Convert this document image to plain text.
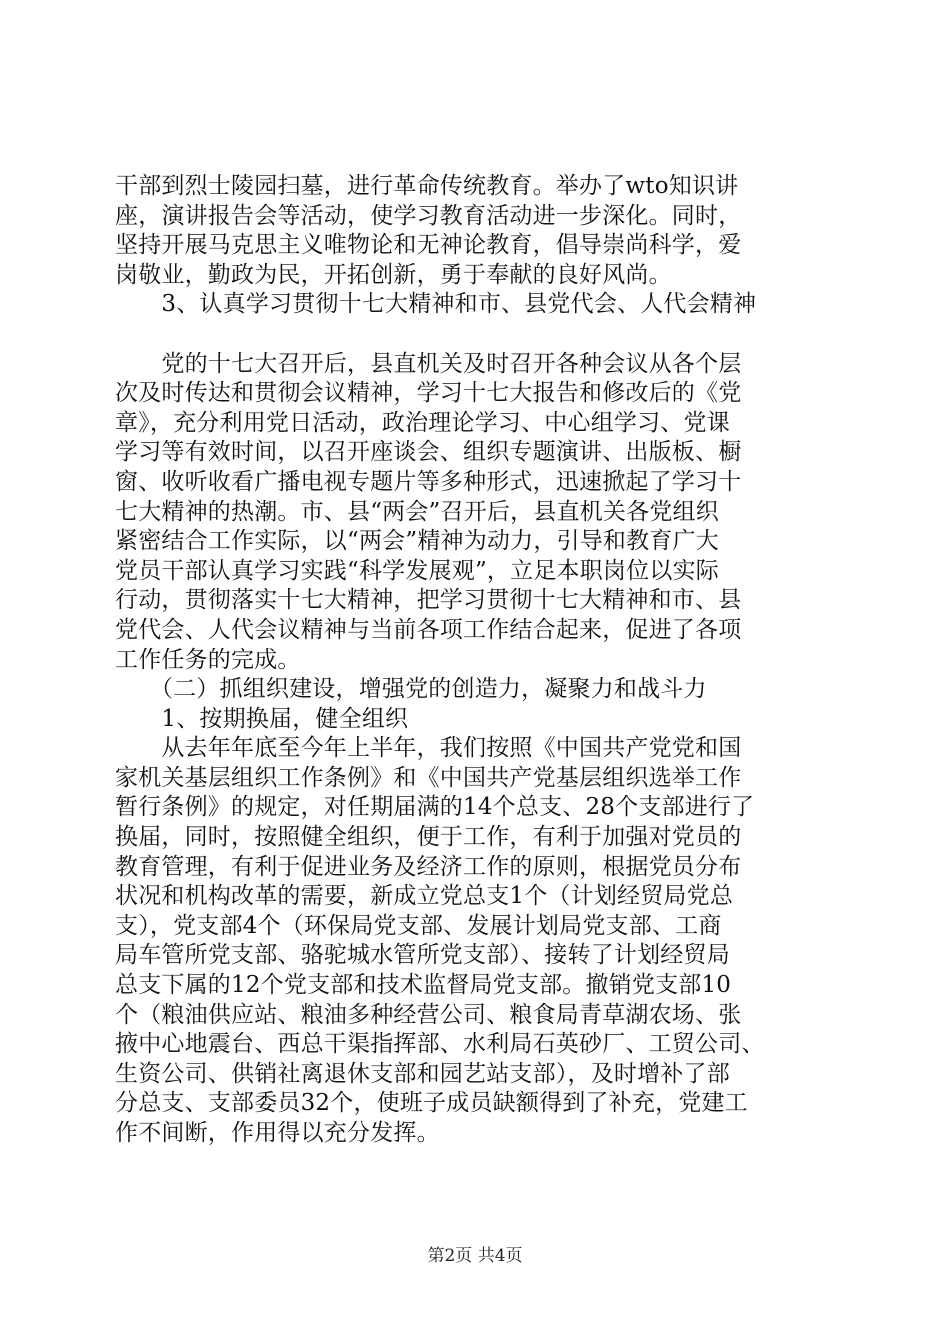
干部到烈士陵园扫墓，进行革命传统教育。举办了wto知识讲
座，演讲报告会等活动，使学习教育活动进一步深化。同时，
坚持开展马克思主义唯物论和无神论教育，倡导崇尚科学，爱
岗敬业，勤政为民，开拓创新，勇于奉献的良好风尚。
　　3、认真学习贯彻十七大精神和市、县党代会、人代会精神
　　党的十七大召开后，县直机关及时召开各种会议从各个层
次及时传达和贯彻会议精神，学习十七大报告和修改后的《党
章》，充分利用党日活动，政治理论学习、中心组学习、党课
学习等有效时间，以召开座谈会、组织专题演讲、出版板、橱
窗、收听收看广播电视专题片等多种形式，迅速掀起了学习十
七大精神的热潮。市、县“两会”召开后，县直机关各党组织
紧密结合工作实际，以“两会”精神为动力，引导和教育广大
党员干部认真学习实践“科学发展观”，立足本职岗位以实际
行动，贯彻落实十七大精神，把学习贯彻十七大精神和市、县
党代会、人代会议精神与当前各项工作结合起来，促进了各项
工作任务的完成。
　　（二）抓组织建设，增强党的创造力，凝聚力和战斗力
　　1、按期换届，健全组织
　　从去年年底至今年上半年，我们按照《中国共产党党和国
家机关基层组织工作条例》和《中国共产党基层组织选举工作
暂行条例》的规定，对任期届满的14个总支、28个支部进行了
换届，同时，按照健全组织，便于工作，有利于加强对党员的
教育管理，有利于促进业务及经济工作的原则，根据党员分布
状况和机构改革的需要，新成立党总支1个（计划经贸局党总
支），党支部4个（环保局党支部、发展计划局党支部、工商
局车管所党支部、骆驼城水管所党支部）、接转了计划经贸局
总支下属的12个党支部和技术监督局党支部。撤销党支部10
个（粮油供应站、粮油多种经营公司、粮食局青草湖农场、张
掖中心地震台、西总干渠指挥部、水利局石英砂厂、工贸公司、
生资公司、供销社离退休支部和园艺站支部），及时增补了部
分总支、支部委员32个，使班子成员缺额得到了补充，党建工
作不间断，作用得以充分发挥。
第2页 共4页
